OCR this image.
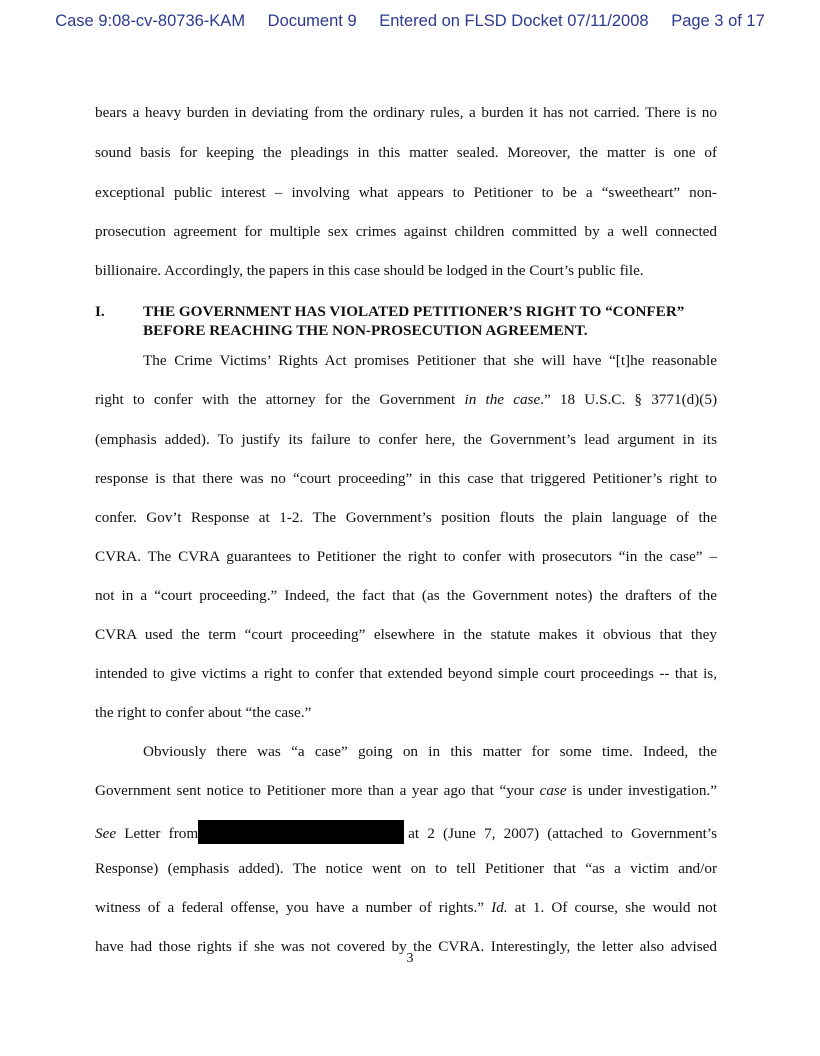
Case 9:08-cv-80736-KAM Document 9 Entered on FLSD Docket 07/11/2008 Page 3 of 17
bears a heavy burden in deviating from the ordinary rules, a burden it has not carried. There is no
sound basis for keeping the pleadings in this matter sealed. Moreover, the matter is one of
exceptional public interest – involving what appears to Petitioner to be a “sweetheart” non-
prosecution agreement for multiple sex crimes against children committed by a well connected
billionaire. Accordingly, the papers in this case should be lodged in the Court’s public file.
I.	THE GOVERNMENT HAS VIOLATED PETITIONER’S RIGHT TO “CONFER”
BEFORE REACHING THE NON-PROSECUTION AGREEMENT.
The Crime Victims’ Rights Act promises Petitioner that she will have “[t]he reasonable
right to confer with the attorney for the Government in the case.” 18 U.S.C. § 3771(d)(5)
(emphasis added). To justify its failure to confer here, the Government’s lead argument in its
response is that there was no “court proceeding” in this case that triggered Petitioner’s right to
confer. Gov’t Response at 1-2. The Government’s position flouts the plain language of the
CVRA. The CVRA guarantees to Petitioner the right to confer with prosecutors “in the case” –
not in a “court proceeding.” Indeed, the fact that (as the Government notes) the drafters of the
CVRA used the term “court proceeding” elsewhere in the statute makes it obvious that they
intended to give victims a right to confer that extended beyond simple court proceedings -- that is,
the right to confer about “the case.”
Obviously there was “a case” going on in this matter for some time. Indeed, the
Government sent notice to Petitioner more than a year ago that “your case is under investigation.”
See Letter from	at 2 (June 7, 2007) (attached to Government’s
Response) (emphasis added). The notice went on to tell Petitioner that “as a victim and/or
witness of a federal offense, you have a number of rights.” Id. at 1. Of course, she would not
have had those rights if she was not covered by the CVRA. Interestingly, the letter also advised
3
